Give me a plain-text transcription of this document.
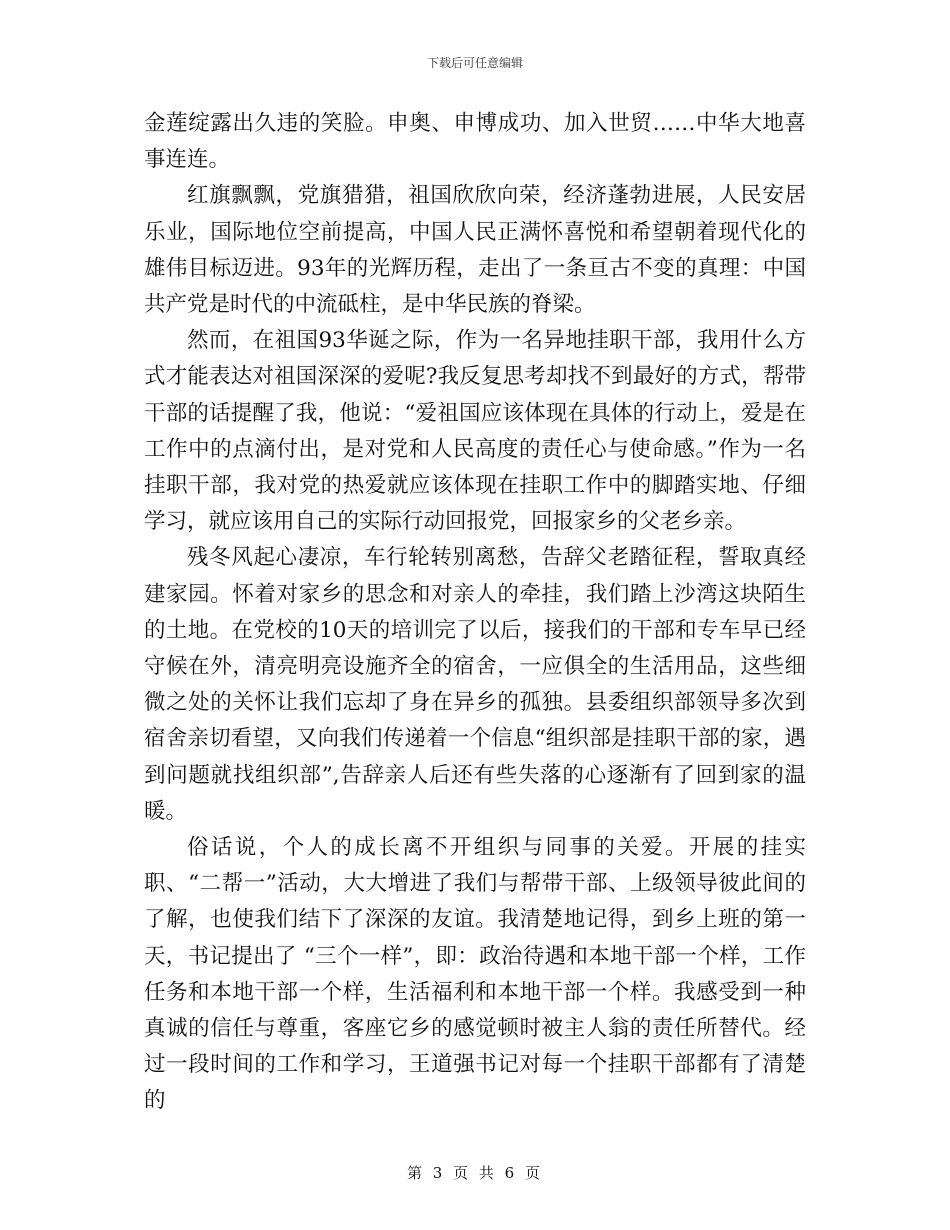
下载后可任意编辑

金莲绽露出久违的笑脸。申奥、申博成功、加入世贸……中华大地喜事连连。

红旗飘飘，党旗猎猎，祖国欣欣向荣，经济蓬勃进展，人民安居乐业，国际地位空前提高，中国人民正满怀喜悦和希望朝着现代化的雄伟目标迈进。93年的光辉历程，走出了一条亘古不变的真理：中国共产党是时代的中流砥柱，是中华民族的脊梁。

然而，在祖国93华诞之际，作为一名异地挂职干部，我用什么方式才能表达对祖国深深的爱呢?我反复思考却找不到最好的方式，帮带干部的话提醒了我，他说：“爱祖国应该体现在具体的行动上，爱是在工作中的点滴付出，是对党和人民高度的责任心与使命感。”作为一名挂职干部，我对党的热爱就应该体现在挂职工作中的脚踏实地、仔细学习，就应该用自己的实际行动回报党，回报家乡的父老乡亲。

残冬风起心凄凉，车行轮转别离愁，告辞父老踏征程，誓取真经建家园。怀着对家乡的思念和对亲人的牵挂，我们踏上沙湾这块陌生的土地。在党校的10天的培训完了以后，接我们的干部和专车早已经守候在外，清亮明亮设施齐全的宿舍，一应俱全的生活用品，这些细微之处的关怀让我们忘却了身在异乡的孤独。县委组织部领导多次到宿舍亲切看望，又向我们传递着一个信息“组织部是挂职干部的家，遇到问题就找组织部”,告辞亲人后还有些失落的心逐渐有了回到家的温暖。

俗话说，个人的成长离不开组织与同事的关爱。开展的挂实职、“二帮一”活动，大大增进了我们与帮带干部、上级领导彼此间的了解，也使我们结下了深深的友谊。我清楚地记得，到乡上班的第一天，书记提出了 “三个一样”，即：政治待遇和本地干部一个样，工作任务和本地干部一个样，生活福利和本地干部一个样。我感受到一种真诚的信任与尊重，客座它乡的感觉顿时被主人翁的责任所替代。经过一段时间的工作和学习，王道强书记对每一个挂职干部都有了清楚的

第 3 页 共 6 页
